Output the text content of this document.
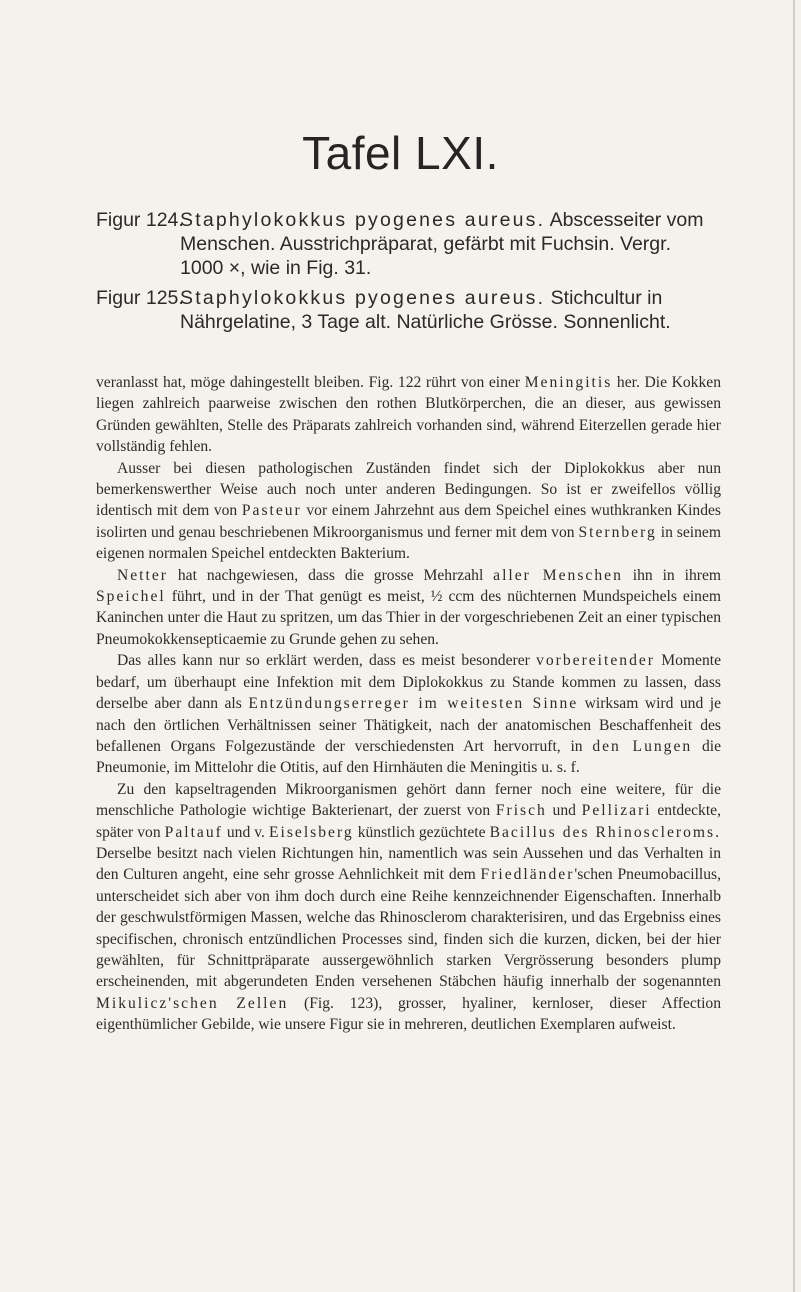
Tafel LXI.
Figur 124.
Staphylokokkus pyogenes aureus. Abscesseiter vom Menschen. Ausstrichpräparat, gefärbt mit Fuchsin. Vergr. 1000 ×, wie in Fig. 31.
Figur 125.
Staphylokokkus pyogenes aureus. Stichcultur in Nährgelatine, 3 Tage alt. Natürliche Grösse. Sonnenlicht.

veranlasst hat, möge dahingestellt bleiben. Fig. 122 rührt von einer Meningitis her. Die Kokken liegen zahlreich paarweise zwischen den rothen Blutkörperchen, die an dieser, aus gewissen Gründen gewählten, Stelle des Präparats zahlreich vorhanden sind, während Eiterzellen gerade hier vollständig fehlen.

Ausser bei diesen pathologischen Zuständen findet sich der Diplokokkus aber nun bemerkenswerther Weise auch noch unter anderen Bedingungen. So ist er zweifellos völlig identisch mit dem von Pasteur vor einem Jahrzehnt aus dem Speichel eines wuthkranken Kindes isolirten und genau beschriebenen Mikroorganismus und ferner mit dem von Sternberg in seinem eigenen normalen Speichel entdeckten Bakterium.

Netter hat nachgewiesen, dass die grosse Mehrzahl aller Menschen ihn in ihrem Speichel führt, und in der That genügt es meist, ½ ccm des nüchternen Mundspeichels einem Kaninchen unter die Haut zu spritzen, um das Thier in der vorgeschriebenen Zeit an einer typischen Pneumokokkensepticaemie zu Grunde gehen zu sehen.

Das alles kann nur so erklärt werden, dass es meist besonderer vorbereitender Momente bedarf, um überhaupt eine Infektion mit dem Diplokokkus zu Stande kommen zu lassen, dass derselbe aber dann als Entzündungserreger im weitesten Sinne wirksam wird und je nach den örtlichen Verhältnissen seiner Thätigkeit, nach der anatomischen Beschaffenheit des befallenen Organs Folgezustände der verschiedensten Art hervorruft, in den Lungen die Pneumonie, im Mittelohr die Otitis, auf den Hirnhäuten die Meningitis u. s. f.

Zu den kapseltragenden Mikroorganismen gehört dann ferner noch eine weitere, für die menschliche Pathologie wichtige Bakterienart, der zuerst von Frisch und Pellizari entdeckte, später von Paltauf und v. Eiselsberg künstlich gezüchtete Bacillus des Rhinoscleroms. Derselbe besitzt nach vielen Richtungen hin, namentlich was sein Aussehen und das Verhalten in den Culturen angeht, eine sehr grosse Aehnlichkeit mit dem Friedländer'schen Pneumobacillus, unterscheidet sich aber von ihm doch durch eine Reihe kennzeichnender Eigenschaften. Innerhalb der geschwulstförmigen Massen, welche das Rhinosclerom charakterisiren, und das Ergebniss eines specifischen, chronisch entzündlichen Processes sind, finden sich die kurzen, dicken, bei der hier gewählten, für Schnittpräparate aussergewöhnlich starken Vergrösserung besonders plump erscheinenden, mit abgerundeten Enden versehenen Stäbchen häufig innerhalb der sogenannten Mikulicz'schen Zellen (Fig. 123), grosser, hyaliner, kernloser, dieser Affection eigenthümlicher Gebilde, wie unsere Figur sie in mehreren, deutlichen Exemplaren aufweist.
